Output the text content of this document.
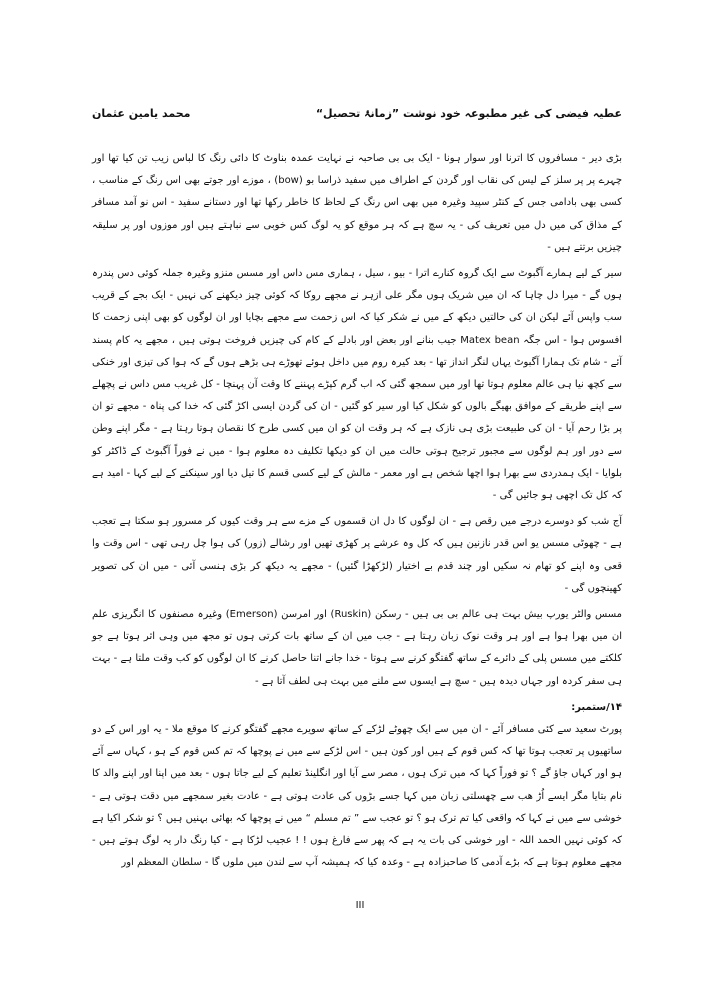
محمد یامین عثمان	عطیہ فیضی کی غیر مطبوعہ خود نوشت ”زمانۂ تحصیل“

بڑی دیر - مسافروں کا اترنا اور سوار ہونا - ایک بی بی صاحبہ نے نہایت عمدہ بناوٹ کا دائی رنگ کا لباس زیب تن کیا تھا اور چہرے پر پر سلز کے لیس کی نقاب اور گردن کے اطراف میں سفید ذراسا بو (bow) ، موزے اور جوتے بھی اس رنگ کے مناسب ، کسی بھی بادامی جس کے کنٹر سپید وغیرہ میں بھی اس رنگ کے لحاظ کا خاطر رکھا تھا اور دستانے سفید - اس نو آمد مسافر کے مذاق کی میں دل میں تعریف کی - یہ سچ ہے کہ ہر موقع کو یہ لوگ کس خوبی سے نباہتے ہیں اور موزوں اور پر سلیقہ چیزیں برتتے ہیں -

سیر کے لیے ہمارے آگبوٹ سے ایک گروہ کنارے اترا - بیو ، سیل ، ہماری مس داس اور مسس منزو وغیرہ جملہ کوئی دس پندرہ ہوں گے - میرا دل چاہا کہ ان میں شریک ہوں مگر علی ازہر نے مجھے روکا کہ کوئی چیز دیکھنے کی نہیں - ایک بجے کے قریب سب واپس آئے لیکن ان کی حالتیں دیکھ کے میں نے شکر کیا کہ اس زحمت سے مجھے بچایا اور ان لوگوں کو بھی اپنی زحمت کا افسوس ہوا - اس جگہ Matex bean جیب بنانے اور بعض اور بادلے کے کام کی چیزیں فروخت ہوتی ہیں ، مجھے یہ کام پسند آئے - شام تک ہمارا آگبوٹ یہاں لنگر انداز تھا - بعد کیرہ روم میں داخل ہوئے تھوڑے ہی بڑھے ہوں گے کہ ہوا کی تیزی اور خنکی سے کچھ نیا ہی عالم معلوم ہوتا تھا اور میں سمجھ گئی کہ اب گرم کپڑے پہننے کا وقت آن پہنچا - کل غریب مس داس نے پچھلے سے اپنے طریقے کے موافق بھیگے بالوں کو شکل کیا اور سیر کو گئیں - ان کی گردن ایسی اکڑ گئی کہ خدا کی پناہ - مجھے تو ان پر بڑا رحم آیا - ان کی طبیعت بڑی ہی نازک ہے کہ ہر وقت ان کو ان میں کسی طرح کا نقصان ہوتا رہتا ہے - مگر اپنے وطن سے دور اور ہم لوگوں سے مجبور ترجیح ہوتی حالت میں ان کو دیکھا تکلیف دہ معلوم ہوا - میں نے فوراً آگبوٹ کے ڈاکٹر کو بلوایا - ایک ہمدردی سے بھرا ہوا اچھا شخص ہے اور معمر - مالش کے لیے کسی قسم کا تیل دیا اور سینکنے کے لیے کہا - امید ہے کہ کل تک اچھی ہو جائیں گی -

آج شب کو دوسرے درجے میں رقص ہے - ان لوگوں کا دل ان قسموں کے مزے سے ہر وقت کیوں کر مسرور ہو سکتا ہے تعجب ہے - چھوٹی مسس یو اس قدر نازنین ہیں کہ کل وہ عرشے پر کھڑی تھیں اور رشالے (زور) کی ہوا چل رہی تھی - اس وقت وا قعی وہ اپنے کو تھام نہ سکیں اور چند قدم بے اختیار (لڑکھڑا گئیں) - مجھے یہ دیکھ کر بڑی ہنسی آئی - میں ان کی تصویر کھینچوں گی -

مسس والٹر یورپ بیش بہت ہی عالم بی بی ہیں - رسکن (Ruskin) اور امرسن (Emerson) وغیرہ مصنفوں کا انگریزی علم ان میں بھرا ہوا ہے اور ہر وقت نوک زبان رہتا ہے - جب میں ان کے ساتھ بات کرتی ہوں تو مجھ میں وہی اثر ہوتا ہے جو کلکتے میں مسس پلی کے دائرے کے ساتھ گفتگو کرنے سے ہوتا - خدا جانے اتنا حاصل کرنے کا ان لوگوں کو کب وقت ملتا ہے - بہت ہی سفر کردہ اور جہاں دیدہ ہیں - سچ ہے ایسوں سے ملنے میں بہت ہی لطف آتا ہے -

۱۴/ستمبر:

پورٹ سعید سے کئی مسافر آئے - ان میں سے ایک چھوٹے لڑکے کے ساتھ سویرے مجھے گفتگو کرنے کا موقع ملا - یہ اور اس کے دو ساتھیوں پر تعجب ہوتا تھا کہ کس قوم کے ہیں اور کون ہیں - اس لڑکے سے میں نے پوچھا کہ تم کس قوم کے ہو ، کہاں سے آئے ہو اور کہاں جاؤ گے ؟ تو فوراً کہا کہ میں ترک ہوں ، مصر سے آیا اور انگلینڈ تعلیم کے لیے جاتا ہوں - بعد میں اپنا اور اپنے والد کا نام بتایا مگر ایسے اُڑ ھب سے چھسلتی زبان میں کہا جسے بڑوں کی عادت ہوتی ہے - عادت بغیر سمجھے میں دقت ہوتی ہے - خوشی سے میں نے کہا کہ واقعی کیا تم ترک ہو ؟ تو عجب سے ” تم مسلم “ میں نے پوچھا کہ بھائی بہنیں ہیں ؟ تو شکر اکیا ہے کہ کوئی نہیں الحمد اللہ - اور خوشی کی بات یہ ہے کہ پھر سے فارغ ہوں ! ! عجیب لڑکا ہے - کیا رنگ دار یہ لوگ ہوتے ہیں - مجھے معلوم ہوتا ہے کہ بڑے آدمی کا صاحبزادہ ہے - وعدہ کیا کہ ہمیشہ آپ سے لندن میں ملوں گا - سلطان المعظم اور

III
